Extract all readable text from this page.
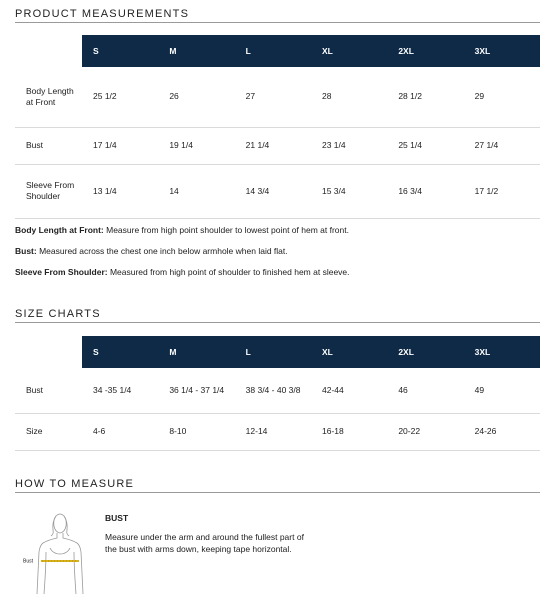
PRODUCT MEASUREMENTS
	S	M	L	XL	2XL	3XL
Body Length at Front	25 1/2	26	27	28	28 1/2	29
Bust	17 1/4	19 1/4	21 1/4	23 1/4	25 1/4	27 1/4
Sleeve From Shoulder	13 1/4	14	14 3/4	15 3/4	16 3/4	17 1/2

Body Length at Front: Measure from high point shoulder to lowest point of hem at front.

Bust: Measured across the chest one inch below armhole when laid flat.

Sleeve From Shoulder: Measured from high point of shoulder to finished hem at sleeve.

SIZE CHARTS
	S	M	L	XL	2XL	3XL
Bust	34 -35 1/4	36 1/4 - 37 1/4	38 3/4 - 40 3/8	42-44	46	49
Size	4-6	8-10	12-14	16-18	20-22	24-26
HOW TO MEASURE
Bust
BUST
Measure under the arm and around the fullest part of the bust with arms down, keeping tape horizontal.
